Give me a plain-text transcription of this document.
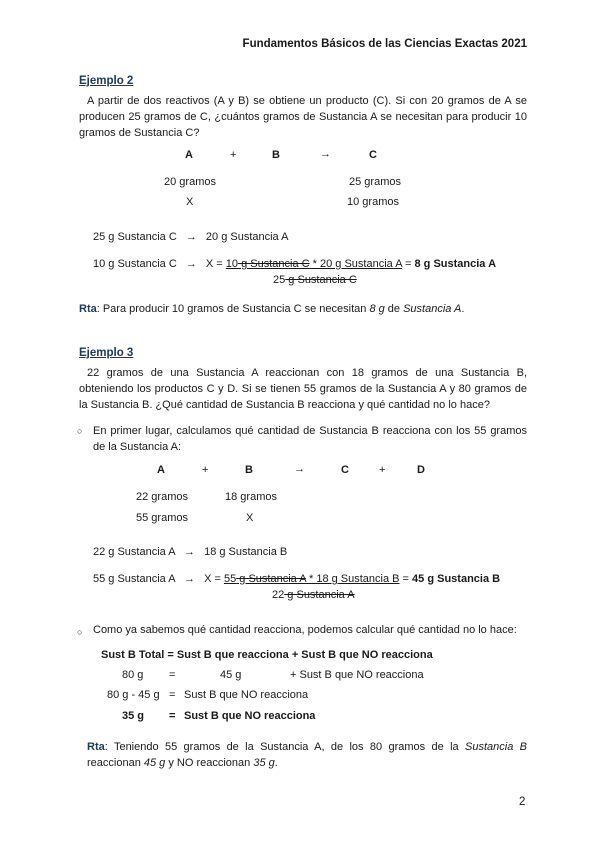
Fundamentos Básicos de las Ciencias Exactas 2021
Ejemplo 2
A partir de dos reactivos (A y B) se obtiene un producto (C). Si con 20 gramos de A se producen 25 gramos de C, ¿cuántos gramos de Sustancia A se necesitan para producir 10 gramos de Sustancia C?
A	+	B	→	C
20 gramos	25 gramos
X	10 gramos
25 g Sustancia C → 20 g Sustancia A
10 g Sustancia C → X = 10 g Sustancia C * 20 g Sustancia A = 8 g Sustancia A
25 g Sustancia C
Rta: Para producir 10 gramos de Sustancia C se necesitan 8 g de Sustancia A.
Ejemplo 3
22 gramos de una Sustancia A reaccionan con 18 gramos de una Sustancia B, obteniendo los productos C y D. Si se tienen 55 gramos de la Sustancia A y 80 gramos de la Sustancia B. ¿Qué cantidad de Sustancia B reacciona y qué cantidad no lo hace?
○ En primer lugar, calculamos qué cantidad de Sustancia B reacciona con los 55 gramos de la Sustancia A:
A	+	B	→	C	+	D
22 gramos	18 gramos
55 gramos	X
22 g Sustancia A → 18 g Sustancia B
55 g Sustancia A → X = 55 g Sustancia A * 18 g Sustancia B = 45 g Sustancia B
22 g Sustancia A
○ Como ya sabemos qué cantidad reacciona, podemos calcular qué cantidad no lo hace:
Sust B Total = Sust B que reacciona + Sust B que NO reacciona
80 g =	45 g	+ Sust B que NO reacciona
80 g - 45 g = Sust B que NO reacciona
35 g = Sust B que NO reacciona
Rta: Teniendo 55 gramos de la Sustancia A, de los 80 gramos de la Sustancia B reaccionan 45 g y NO reaccionan 35 g.
2
